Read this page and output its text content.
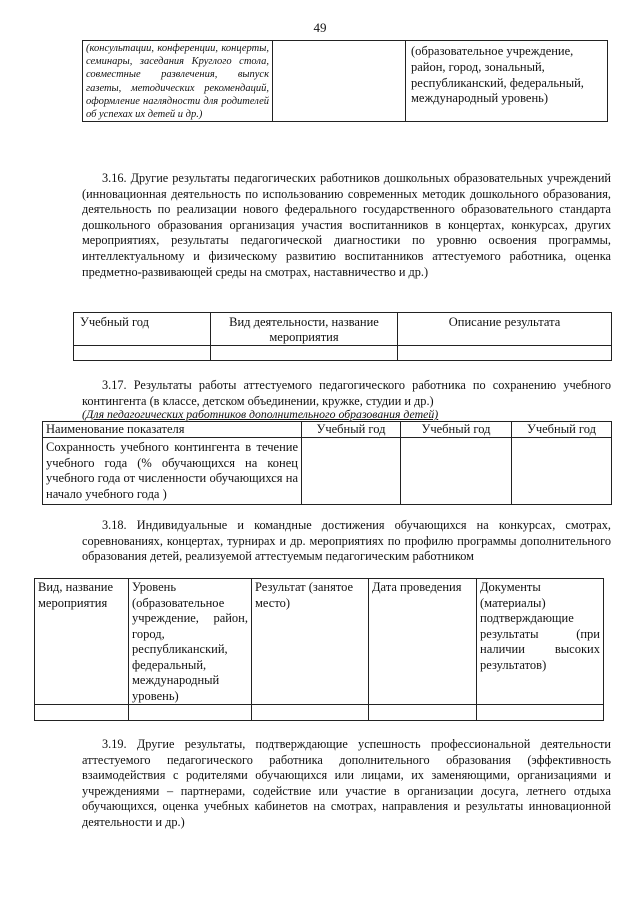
49
(консультации, конференции, концерты, семинары, заседания Круглого стола, совместные развлечения, выпуск газеты, методических рекомендаций, оформление наглядности для родителей об успехах их детей и др.)		(образовательное учреждение, район, город, зональный, республиканский, федеральный, международный уровень)
3.16. Другие результаты педагогических работников дошкольных образовательных учреждений (инновационная деятельность по использованию современных методик дошкольного образования, деятельность по реализации нового федерального государственного образовательного стандарта дошкольного образования организация участия воспитанников в концертах, конкурсах, других мероприятиях, результаты педагогической диагностики по уровню освоения программы, интеллектуальному и физическому развитию воспитанников аттестуемого работника, оценка предметно-развивающей среды на смотрах, наставничество и др.)
Учебный год	Вид деятельности, название мероприятия	Описание результата

3.17. Результаты работы аттестуемого педагогического работника по сохранению учебного контингента (в классе, детском объединении, кружке, студии и др.)
(Для педагогических работников дополнительного образования детей)
Наименование показателя	Учебный год	Учебный год	Учебный год
Сохранность учебного контингента в течение учебного года (% обучающихся на конец учебного года от численности обучающихся на начало учебного года )			
3.18. Индивидуальные и командные достижения обучающихся на конкурсах, смотрах, соревнованиях, концертах, турнирах и др. мероприятиях по профилю программы дополнительного образования детей, реализуемой аттестуемым педагогическим работником
Вид, название мероприятия	Уровень (образовательное учреждение, район, город, республиканский, федеральный, международный уровень)	Результат (занятое место)	Дата проведения	Документы (материалы) подтверждающие результаты (при наличии высоких результатов)

3.19. Другие результаты, подтверждающие успешность профессиональной деятельности аттестуемого педагогического работника дополнительного образования (эффективность взаимодействия с родителями обучающихся или лицами, их заменяющими, организациями и учреждениями – партнерами, содействие или участие в организации досуга, летнего отдыха обучающихся, оценка учебных кабинетов на смотрах, направления и результаты инновационной деятельности и др.)
